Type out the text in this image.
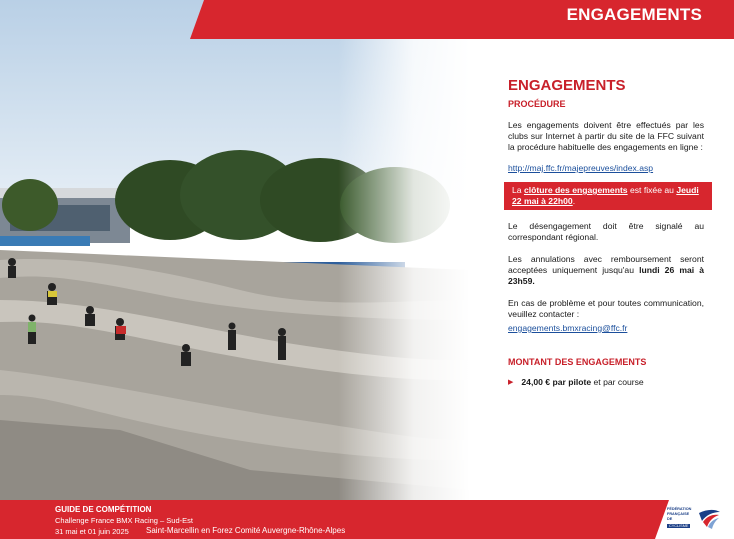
ENGAGEMENTS
ENGAGEMENTS
PROCÉDURE

Les engagements doivent être effectués par les clubs sur Internet à partir du site de la FFC suivant la procédure habituelle des engagements en ligne :

http://maj.ffc.fr/majepreuves/index.asp
La clôture des engagements est fixée au Jeudi 22 mai à 22h00.

Le désengagement doit être signalé au correspondant régional.

Les annulations avec remboursement seront acceptées uniquement jusqu'au lundi 26 mai à 23h59.

En cas de problème et pour toutes communication, veuillez contacter :

engagements.bmxracing@ffc.fr
MONTANT DES ENGAGEMENTS
▶ 24,00 € par pilote et par course
GUIDE DE COMPÉTITION
Challenge France BMX Racing – Sud-Est
31 mai et 01 juin 2025 Saint-Marcellin en Forez Comité Auvergne-Rhône-Alpes
FÉDÉRATION
FRANÇAISE
DE
CYCLISME
